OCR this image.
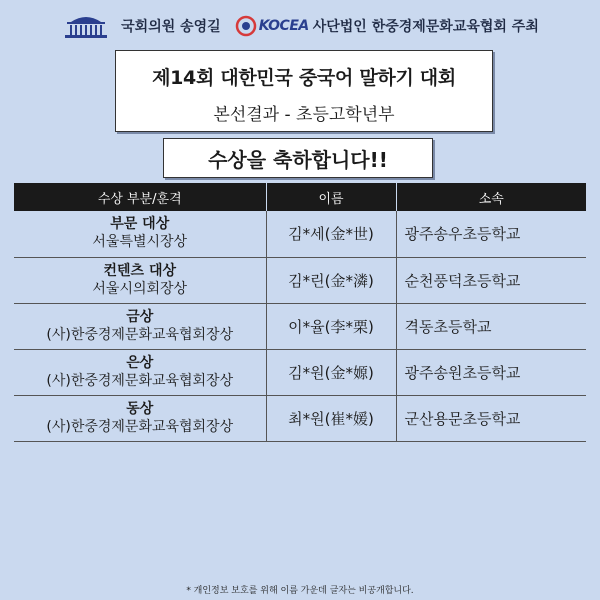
국회의원 송영길	KOCEA 사단법인 한중경제문화교육협회 주최
제14회 대한민국 중국어 말하기 대회
본선결과 - 초등고학년부
수상을 축하합니다!!
수상 부분/훈격	이름	소속

부문 대상
서울특별시장상	김*세(金*世)	광주송우초등학교

컨텐츠 대상
서울시의회장상	김*린(金*潾)	순천풍덕초등학교

금상
(사)한중경제문화교육협회장상	이*율(李*栗)	격동초등학교

은상
(사)한중경제문화교육협회장상	김*원(金*嫄)	광주송원초등학교

동상
(사)한중경제문화교육협회장상	최*원(崔*媛)	군산용문초등학교
* 개인정보 보호를 위해 이름 가운데 글자는 비공개합니다.
